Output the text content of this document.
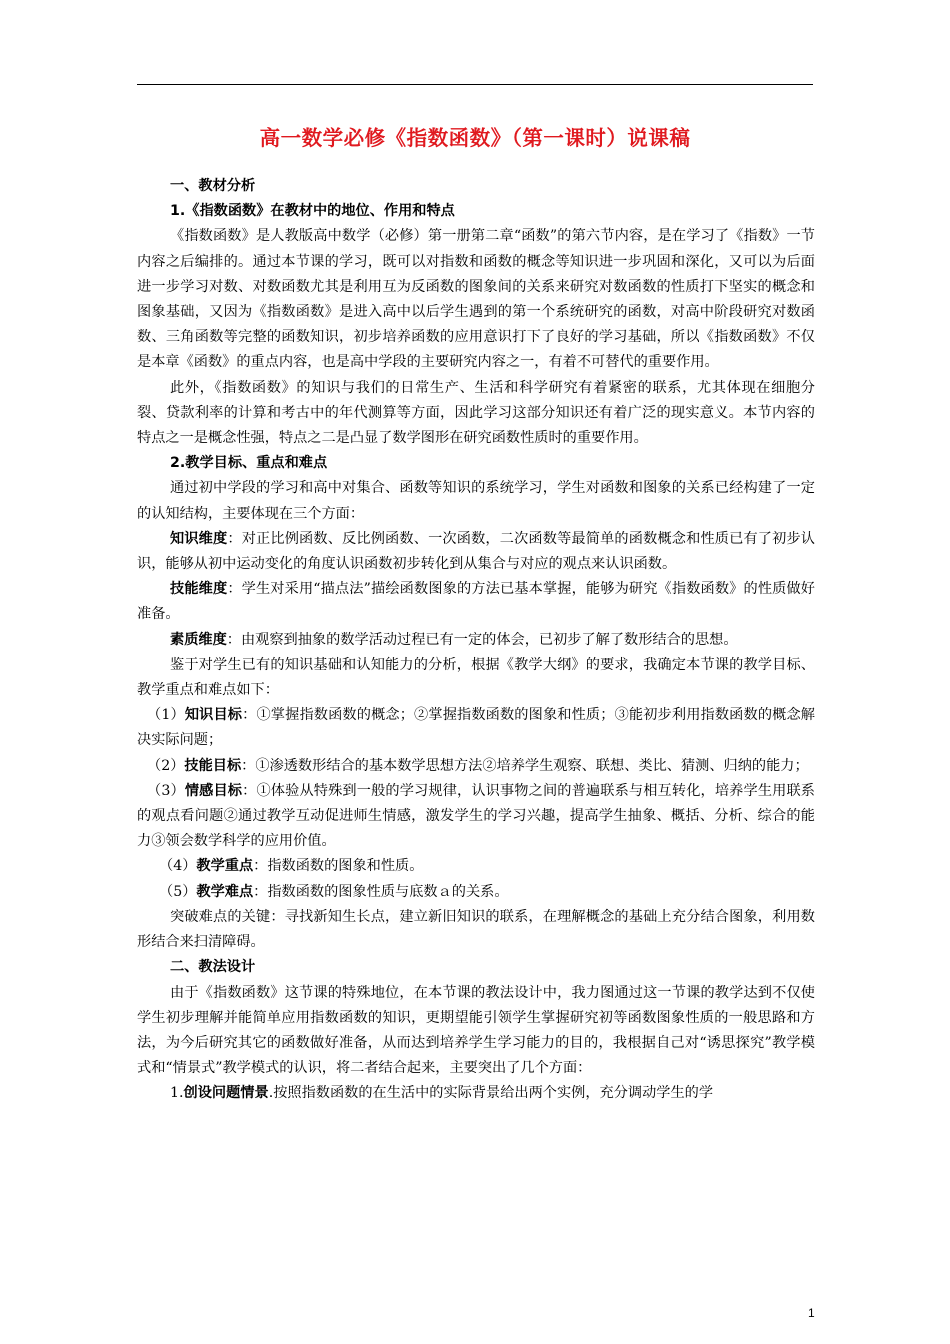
高一数学必修《指数函数》（第一课时）说课稿

一、教材分析

1.《指数函数》在教材中的地位、作用和特点

《指数函数》是人教版高中数学（必修）第一册第二章“函数”的第六节内容，是在学习了《指数》一节内容之后编排的。通过本节课的学习，既可以对指数和函数的概念等知识进一步巩固和深化，又可以为后面进一步学习对数、对数函数尤其是利用互为反函数的图象间的关系来研究对数函数的性质打下坚实的概念和图象基础，又因为《指数函数》是进入高中以后学生遇到的第一个系统研究的函数，对高中阶段研究对数函数、三角函数等完整的函数知识，初步培养函数的应用意识打下了良好的学习基础，所以《指数函数》不仅是本章《函数》的重点内容，也是高中学段的主要研究内容之一，有着不可替代的重要作用。

此外，《指数函数》的知识与我们的日常生产、生活和科学研究有着紧密的联系，尤其体现在细胞分裂、贷款利率的计算和考古中的年代测算等方面，因此学习这部分知识还有着广泛的现实意义。本节内容的特点之一是概念性强，特点之二是凸显了数学图形在研究函数性质时的重要作用。

2.教学目标、重点和难点

通过初中学段的学习和高中对集合、函数等知识的系统学习，学生对函数和图象的关系已经构建了一定的认知结构，主要体现在三个方面：

知识维度：对正比例函数、反比例函数、一次函数，二次函数等最简单的函数概念和性质已有了初步认识，能够从初中运动变化的角度认识函数初步转化到从集合与对应的观点来认识函数。

技能维度：学生对采用“描点法”描绘函数图象的方法已基本掌握，能够为研究《指数函数》的性质做好准备。

素质维度：由观察到抽象的数学活动过程已有一定的体会，已初步了解了数形结合的思想。

鉴于对学生已有的知识基础和认知能力的分析，根据《教学大纲》的要求，我确定本节课的教学目标、教学重点和难点如下：

（1）知识目标：①掌握指数函数的概念；②掌握指数函数的图象和性质；③能初步利用指数函数的概念解决实际问题；

（2）技能目标：①渗透数形结合的基本数学思想方法②培养学生观察、联想、类比、猜测、归纳的能力；

（3）情感目标：①体验从特殊到一般的学习规律，认识事物之间的普遍联系与相互转化，培养学生用联系的观点看问题②通过教学互动促进师生情感，激发学生的学习兴趣，提高学生抽象、概括、分析、综合的能力③领会数学科学的应用价值。

（4）教学重点：指数函数的图象和性质。

（5）教学难点：指数函数的图象性质与底数ａ的关系。

突破难点的关键：寻找新知生长点，建立新旧知识的联系，在理解概念的基础上充分结合图象，利用数形结合来扫清障碍。

二、教法设计

由于《指数函数》这节课的特殊地位，在本节课的教法设计中，我力图通过这一节课的教学达到不仅使学生初步理解并能简单应用指数函数的知识，更期望能引领学生掌握研究初等函数图象性质的一般思路和方法，为今后研究其它的函数做好准备，从而达到培养学生学习能力的目的，我根据自己对“诱思探究”教学模式和“情景式”教学模式的认识，将二者结合起来，主要突出了几个方面：

1.创设问题情景.按照指数函数的在生活中的实际背景给出两个实例，充分调动学生的学

1
